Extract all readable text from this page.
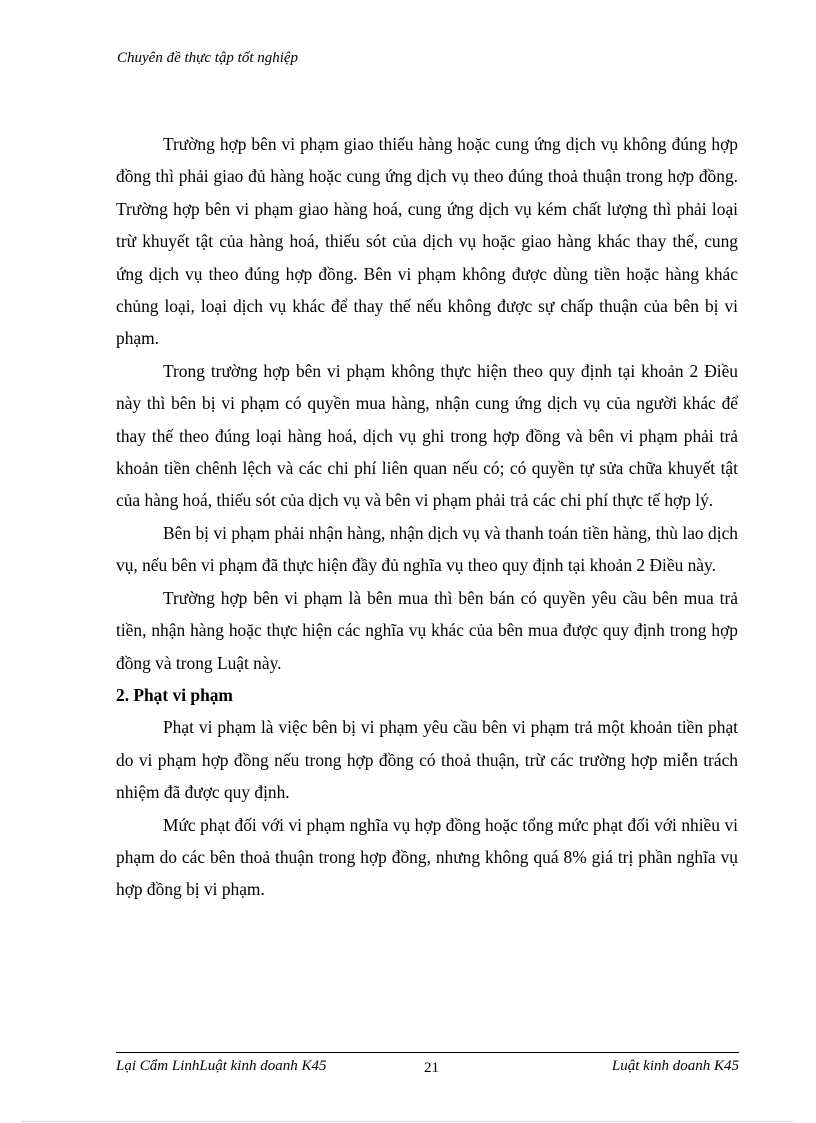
Chuyên đề thực tập tốt nghiệp

Trường hợp bên vi phạm giao thiếu hàng hoặc cung ứng dịch vụ không đúng hợp đồng thì phải giao đủ hàng hoặc cung ứng dịch vụ theo đúng thoả thuận trong hợp đồng. Trường hợp bên vi phạm giao hàng hoá, cung ứng dịch vụ kém chất lượng thì phải loại trừ khuyết tật của hàng hoá, thiếu sót của dịch vụ hoặc giao hàng khác thay thế, cung ứng dịch vụ theo đúng hợp đồng. Bên vi phạm không được dùng tiền hoặc hàng khác chủng loại, loại dịch vụ khác để thay thế nếu không được sự chấp thuận của bên bị vi phạm.

Trong trường hợp bên vi phạm không thực hiện theo quy định tại khoản 2 Điều này thì bên bị vi phạm có quyền mua hàng, nhận cung ứng dịch vụ của người khác để thay thế theo đúng loại hàng hoá, dịch vụ ghi trong hợp đồng và bên vi phạm phải trả khoản tiền chênh lệch và các chi phí liên quan nếu có; có quyền tự sửa chữa khuyết tật của hàng hoá, thiếu sót của dịch vụ và bên vi phạm phải trả các chi phí thực tế hợp lý.

Bên bị vi phạm phải nhận hàng, nhận dịch vụ và thanh toán tiền hàng, thù lao dịch vụ, nếu bên vi phạm đã thực hiện đầy đủ nghĩa vụ theo quy định tại khoản 2 Điều này.

Trường hợp bên vi phạm là bên mua thì bên bán có quyền yêu cầu bên mua trả tiền, nhận hàng hoặc thực hiện các nghĩa vụ khác của bên mua được quy định trong hợp đồng và trong Luật này.

2. Phạt vi phạm

Phạt vi phạm là việc bên bị vi phạm yêu cầu bên vi phạm trả một khoản tiền phạt do vi phạm hợp đồng nếu trong hợp đồng có thoả thuận, trừ các trường hợp miễn trách nhiệm đã được quy định.

Mức phạt đối với vi phạm nghĩa vụ hợp đồng hoặc tổng mức phạt đối với nhiều vi phạm do các bên thoả thuận trong hợp đồng, nhưng không quá 8% giá trị phần nghĩa vụ hợp đồng bị vi phạm.

Lại Cẩm LinhLuật kinh doanh K45	21	Luật kinh doanh K45
